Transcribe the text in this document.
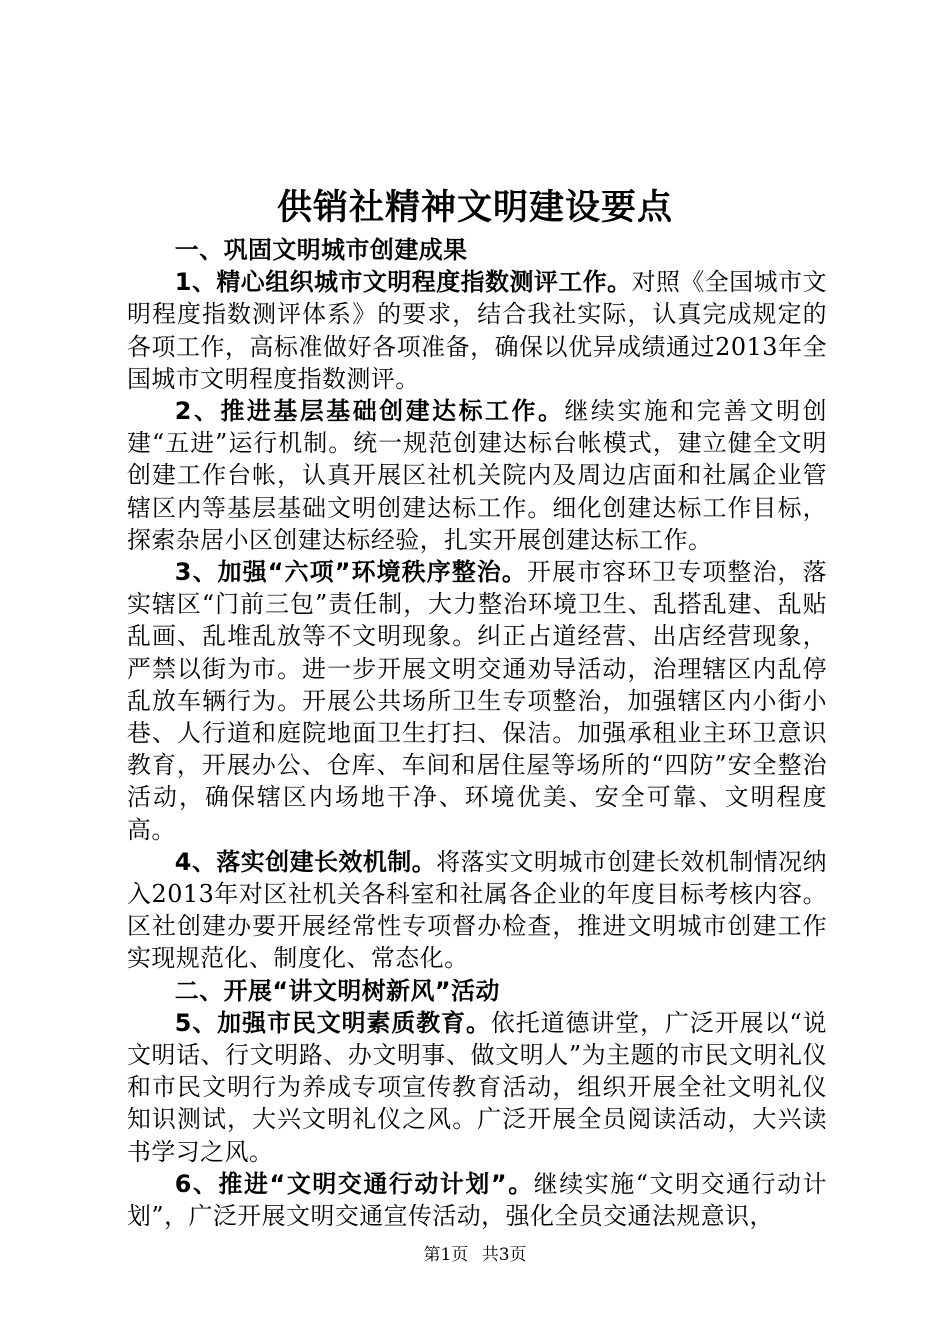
供销社精神文明建设要点

一、巩固文明城市创建成果

1、精心组织城市文明程度指数测评工作。对照《全国城市文明程度指数测评体系》的要求，结合我社实际，认真完成规定的各项工作，高标准做好各项准备，确保以优异成绩通过2013年全国城市文明程度指数测评。

2、推进基层基础创建达标工作。继续实施和完善文明创建“五进”运行机制。统一规范创建达标台帐模式，建立健全文明创建工作台帐，认真开展区社机关院内及周边店面和社属企业管辖区内等基层基础文明创建达标工作。细化创建达标工作目标，探索杂居小区创建达标经验，扎实开展创建达标工作。

3、加强“六项”环境秩序整治。开展市容环卫专项整治，落实辖区“门前三包”责任制，大力整治环境卫生、乱搭乱建、乱贴乱画、乱堆乱放等不文明现象。纠正占道经营、出店经营现象，严禁以街为市。进一步开展文明交通劝导活动，治理辖区内乱停乱放车辆行为。开展公共场所卫生专项整治，加强辖区内小街小巷、人行道和庭院地面卫生打扫、保洁。加强承租业主环卫意识教育，开展办公、仓库、车间和居住屋等场所的“四防”安全整治活动，确保辖区内场地干净、环境优美、安全可靠、文明程度高。

4、落实创建长效机制。将落实文明城市创建长效机制情况纳入2013年对区社机关各科室和社属各企业的年度目标考核内容。区社创建办要开展经常性专项督办检查，推进文明城市创建工作实现规范化、制度化、常态化。

二、开展“讲文明树新风”活动

5、加强市民文明素质教育。依托道德讲堂，广泛开展以“说文明话、行文明路、办文明事、做文明人”为主题的市民文明礼仪和市民文明行为养成专项宣传教育活动，组织开展全社文明礼仪知识测试，大兴文明礼仪之风。广泛开展全员阅读活动，大兴读书学习之风。

6、推进“文明交通行动计划”。继续实施“文明交通行动计划”，广泛开展文明交通宣传活动，强化全员交通法规意识，

第1页 共3页
